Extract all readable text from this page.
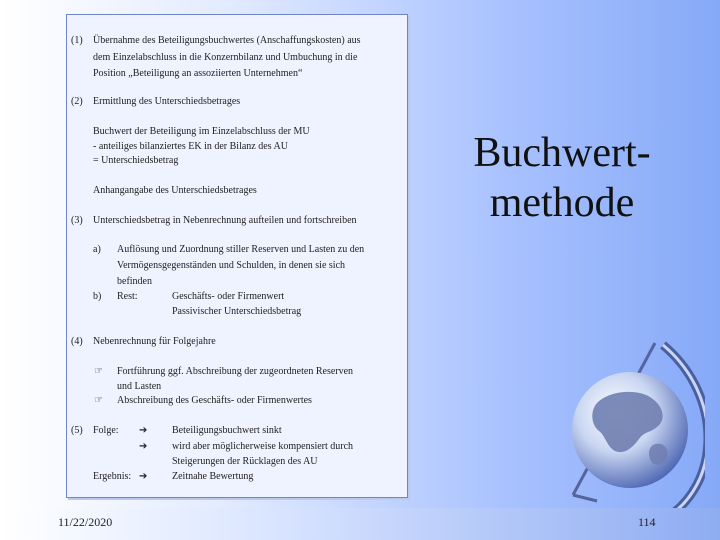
(1) Übernahme des Beteiligungsbuchwertes (Anschaffungskosten) aus
dem Einzelabschluss in die Konzernbilanz und Umbuchung in die
Position „Beteiligung an assoziierten Unternehmen“
(2) Ermittlung des Unterschiedsbetrages
Buchwert der Beteiligung im Einzelabschluss der MU
- anteiliges bilanziertes EK in der Bilanz des AU
= Unterschiedsbetrag
Anhangangabe des Unterschiedsbetrages
(3) Unterschiedsbetrag in Nebenrechnung aufteilen und fortschreiben
a) Auflösung und Zuordnung stiller Reserven und Lasten zu den
Vermögensgegenständen und Schulden, in denen sie sich
befinden
b) Rest:	Geschäfts- oder Firmenwert
Passivischer Unterschiedsbetrag
(4) Nebenrechnung für Folgejahre
☞ Fortführung ggf. Abschreibung der zugeordneten Reserven
und Lasten
☞ Abschreibung des Geschäfts- oder Firmenwertes
(5) Folge: ➔ Beteiligungsbuchwert sinkt
➔ wird aber möglicherweise kompensiert durch
Steigerungen der Rücklagen des AU
Ergebnis: ➔ Zeitnahe Bewertung
Buchwert-
methode
11/22/2020	114
